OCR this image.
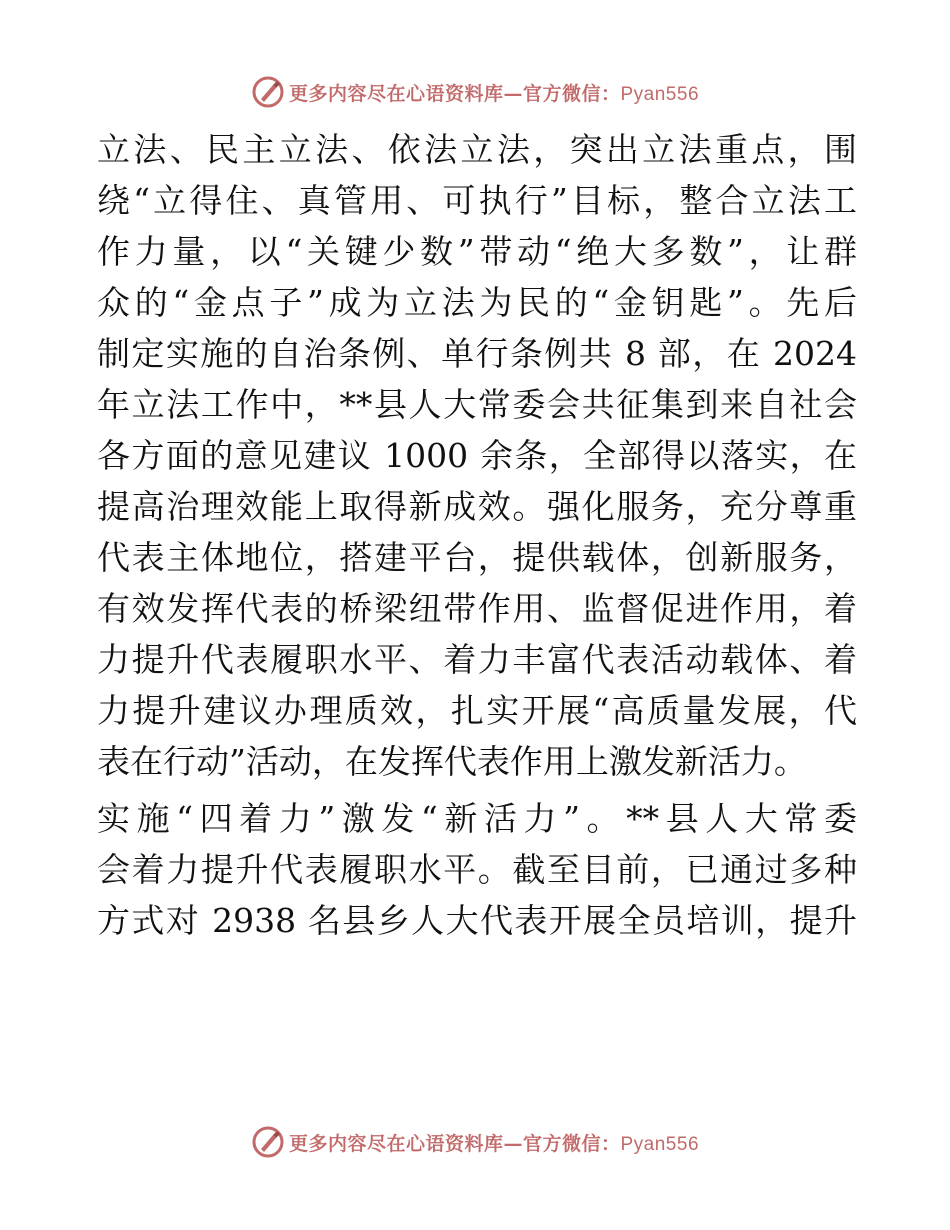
更多内容尽在心语资料库—官方微信：Pyan556
立法、民主立法、依法立法，突出立法重点，围
绕“立得住、真管用、可执行”目标，整合立法工
作力量，以“关键少数”带动“绝大多数”，让群
众的“金点子”成为立法为民的“金钥匙”。先后
制定实施的自治条例、单行条例共 8 部，在 2024
年立法工作中，**县人大常委会共征集到来自社会
各方面的意见建议 1000 余条，全部得以落实，在
提高治理效能上取得新成效。强化服务，充分尊重
代表主体地位，搭建平台，提供载体，创新服务，
有效发挥代表的桥梁纽带作用、监督促进作用，着
力提升代表履职水平、着力丰富代表活动载体、着
力提升建议办理质效，扎实开展“高质量发展，代
表在行动”活动，在发挥代表作用上激发新活力。
实施“四着力”激发“新活力”。**县人大常委
会着力提升代表履职水平。截至目前，已通过多种
方式对 2938 名县乡人大代表开展全员培训，提升
更多内容尽在心语资料库—官方微信：Pyan556
